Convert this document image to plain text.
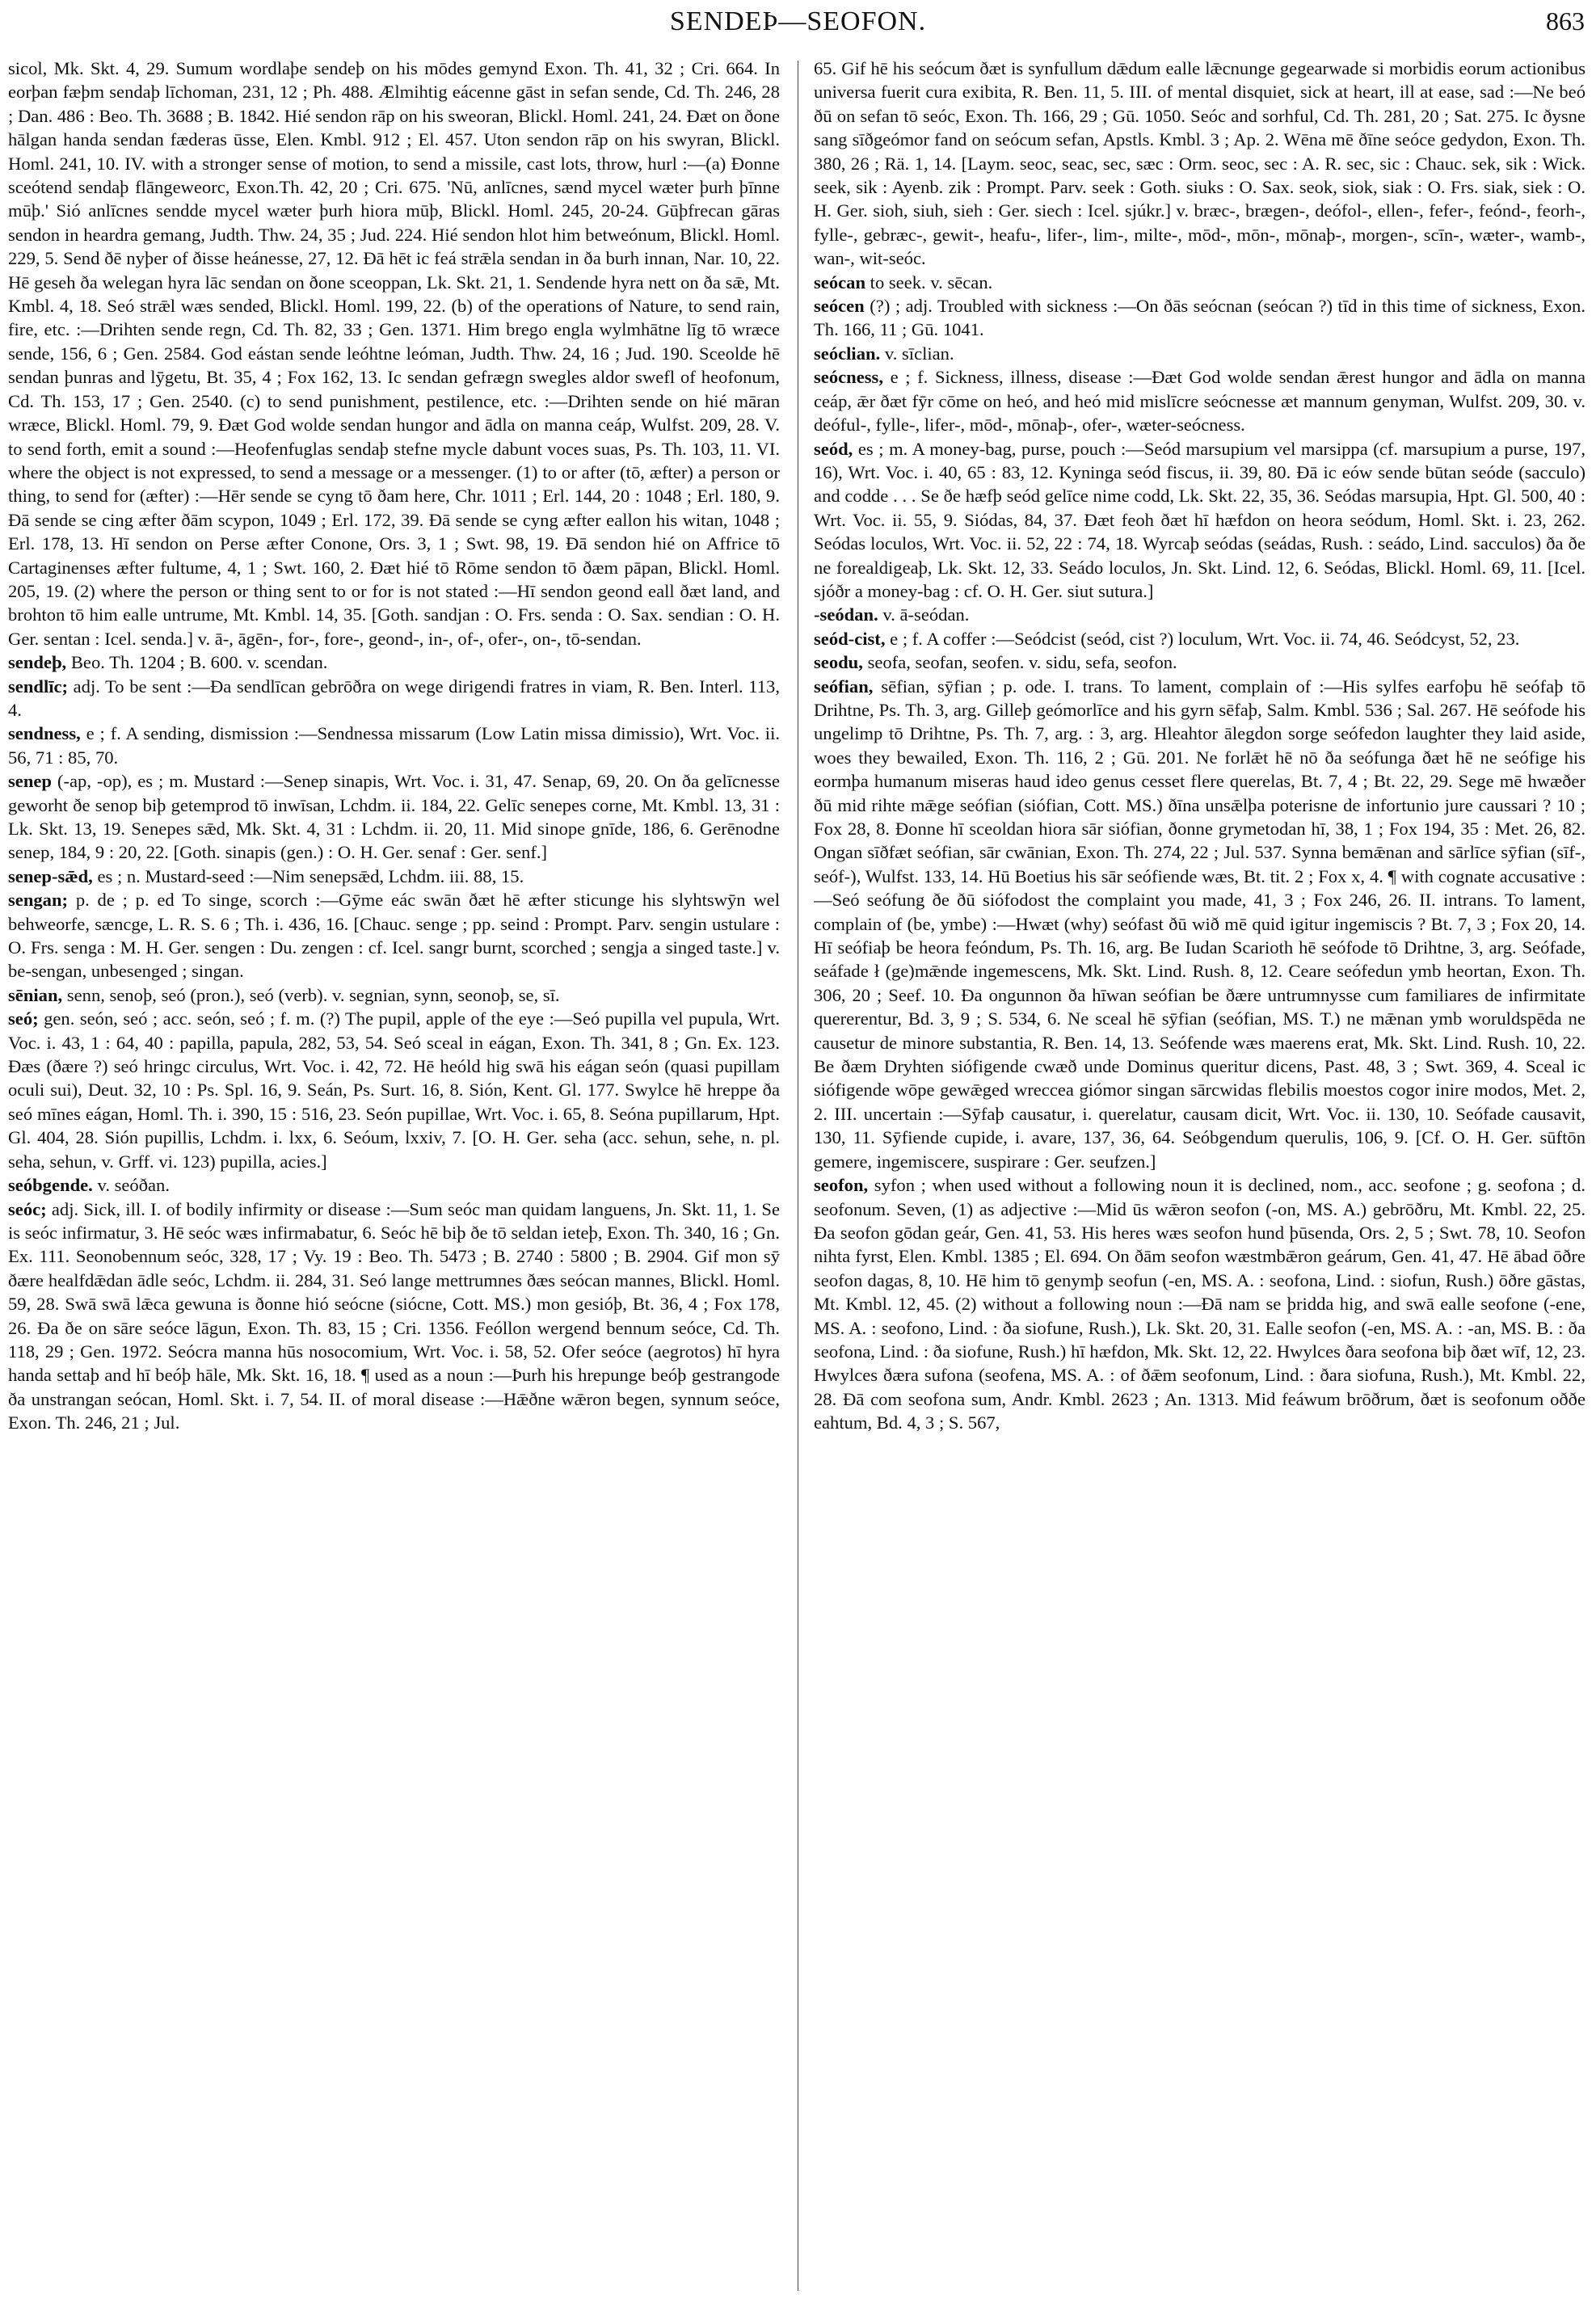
SENDEÞ—SEOFON.	863

sicol, Mk. Skt. 4, 29. Sumum wordlaþe sendeþ on his mōdes gemynd Exon. Th. 41, 32 ; Cri. 664. In eorþan fæþm sendaþ līchoman, 231, 12 ; Ph. 488. Ælmihtig eácenne gāst in sefan sende, Cd. Th. 246, 28 ; Dan. 486 : Beo. Th. 3688 ; B. 1842. Hié sendon rāp on his sweoran, Blickl. Homl. 241, 24. Ðæt on ðone hālgan handa sendan fæderas ūsse, Elen. Kmbl. 912 ; El. 457. Uton sendon rāp on his swyran, Blickl. Homl. 241, 10. IV. with a stronger sense of motion, to send a missile, cast lots, throw, hurl :—(a) Ðonne sceótend sendaþ flāngeweorc, Exon.Th. 42, 20 ; Cri. 675. 'Nū, anlīcnes, sænd mycel wæter þurh þīnne mūþ.' Sió anlīcnes sendde mycel wæter þurh hiora mūþ, Blickl. Homl. 245, 20-24. Gūþfrecan gāras sendon in heardra gemang, Judth. Thw. 24, 35 ; Jud. 224. Hié sendon hlot him betweónum, Blickl. Homl. 229, 5. Send ðē nyþer of ðisse heánesse, 27, 12. Ðā hēt ic feá strǣla sendan in ða burh innan, Nar. 10, 22. Hē geseh ða welegan hyra lāc sendan on ðone sceoppan, Lk. Skt. 21, 1. Sendende hyra nett on ða sǣ, Mt. Kmbl. 4, 18. Seó strǣl wæs sended, Blickl. Homl. 199, 22. (b) of the operations of Nature, to send rain, fire, etc. :—Drihten sende regn, Cd. Th. 82, 33 ; Gen. 1371. Him brego engla wylmhātne līg tō wræce sende, 156, 6 ; Gen. 2584. God eástan sende leóhtne leóman, Judth. Thw. 24, 16 ; Jud. 190. Sceolde hē sendan þunras and lȳgetu, Bt. 35, 4 ; Fox 162, 13. Ic sendan gefrægn swegles aldor swefl of heofonum, Cd. Th. 153, 17 ; Gen. 2540. (c) to send punishment, pestilence, etc. :—Drihten sende on hié māran wræce, Blickl. Homl. 79, 9. Ðæt God wolde sendan hungor and ādla on manna ceáp, Wulfst. 209, 28. V. to send forth, emit a sound :—Heofenfuglas sendaþ stefne mycle dabunt voces suas, Ps. Th. 103, 11. VI. where the object is not expressed, to send a message or a messenger. (1) to or after (tō, æfter) a person or thing, to send for (æfter) :—Hēr sende se cyng tō ðam here, Chr. 1011 ; Erl. 144, 20 : 1048 ; Erl. 180, 9. Ðā sende se cing æfter ðām scypon, 1049 ; Erl. 172, 39. Ðā sende se cyng æfter eallon his witan, 1048 ; Erl. 178, 13. Hī sendon on Perse æfter Conone, Ors. 3, 1 ; Swt. 98, 19. Ðā sendon hié on Affrice tō Cartaginenses æfter fultume, 4, 1 ; Swt. 160, 2. Ðæt hié tō Rōme sendon tō ðæm pāpan, Blickl. Homl. 205, 19. (2) where the person or thing sent to or for is not stated :—Hī sendon geond eall ðæt land, and brohton tō him ealle untrume, Mt. Kmbl. 14, 35. [Goth. sandjan : O. Frs. senda : O. Sax. sendian : O. H. Ger. sentan : Icel. senda.] v. ā-, āgēn-, for-, fore-, geond-, in-, of-, ofer-, on-, tō-sendan.

sendeþ, Beo. Th. 1204 ; B. 600. v. scendan.

sendlīc; adj. To be sent :—Ða sendlīcan gebrōðra on wege dirigendi fratres in viam, R. Ben. Interl. 113, 4.

sendness, e ; f. A sending, dismission :—Sendnessa missarum (Low Latin missa dimissio), Wrt. Voc. ii. 56, 71 : 85, 70.

senep (-ap, -op), es ; m. Mustard :—Senep sinapis, Wrt. Voc. i. 31, 47. Senap, 69, 20. On ða gelīcnesse geworht ðe senop biþ getemprod tō inwīsan, Lchdm. ii. 184, 22. Gelīc senepes corne, Mt. Kmbl. 13, 31 : Lk. Skt. 13, 19. Senepes sǣd, Mk. Skt. 4, 31 : Lchdm. ii. 20, 11. Mid sinope gnīde, 186, 6. Gerēnodne senep, 184, 9 : 20, 22. [Goth. sinapis (gen.) : O. H. Ger. senaf : Ger. senf.]

senep-sǣd, es ; n. Mustard-seed :—Nim senepsǣd, Lchdm. iii. 88, 15.

sengan; p. de ; p. ed To singe, scorch :—Gȳme eác swān ðæt hē æfter sticunge his slyhtswȳn wel behweorfe, sæncge, L. R. S. 6 ; Th. i. 436, 16. [Chauc. senge ; pp. seind : Prompt. Parv. sengin ustulare : O. Frs. senga : M. H. Ger. sengen : Du. zengen : cf. Icel. sangr burnt, scorched ; sengja a singed taste.] v. be-sengan, unbesenged ; singan.

sēnian, senn, senoþ, seó (pron.), seó (verb). v. segnian, synn, seonoþ, se, sī.

seó; gen. seón, seó ; acc. seón, seó ; f. m. (?) The pupil, apple of the eye :—Seó pupilla vel pupula, Wrt. Voc. i. 43, 1 : 64, 40 : papilla, papula, 282, 53, 54. Seó sceal in eágan, Exon. Th. 341, 8 ; Gn. Ex. 123. Ðæs (ðære ?) seó hringc circulus, Wrt. Voc. i. 42, 72. Hē heóld hig swā his eágan seón (quasi pupillam oculi sui), Deut. 32, 10 : Ps. Spl. 16, 9. Seán, Ps. Surt. 16, 8. Sión, Kent. Gl. 177. Swylce hē hreppe ða seó mīnes eágan, Homl. Th. i. 390, 15 : 516, 23. Seón pupillae, Wrt. Voc. i. 65, 8. Seóna pupillarum, Hpt. Gl. 404, 28. Sión pupillis, Lchdm. i. lxx, 6. Seóum, lxxiv, 7. [O. H. Ger. seha (acc. sehun, sehe, n. pl. seha, sehun, v. Grff. vi. 123) pupilla, acies.]

seóbgende. v. seóðan.

seóc; adj. Sick, ill. I. of bodily infirmity or disease :—Sum seóc man quidam languens, Jn. Skt. 11, 1. Se is seóc infirmatur, 3. Hē seóc wæs infirmabatur, 6. Seóc hē biþ ðe tō seldan ieteþ, Exon. Th. 340, 16 ; Gn. Ex. 111. Seonobennum seóc, 328, 17 ; Vy. 19 : Beo. Th. 5473 ; B. 2740 : 5800 ; B. 2904. Gif mon sȳ ðære healfdǣdan ādle seóc, Lchdm. ii. 284, 31. Seó lange mettrumnes ðæs seócan mannes, Blickl. Homl. 59, 28. Swā swā lǣca gewuna is ðonne hió seócne (siócne, Cott. MS.) mon gesióþ, Bt. 36, 4 ; Fox 178, 26. Ða ðe on sāre seóce lāgun, Exon. Th. 83, 15 ; Cri. 1356. Feóllon wergend bennum seóce, Cd. Th. 118, 29 ; Gen. 1972. Seócra manna hūs nosocomium, Wrt. Voc. i. 58, 52. Ofer seóce (aegrotos) hī hyra handa settaþ and hī beóþ hāle, Mk. Skt. 16, 18. ¶ used as a noun :—Þurh his hrepunge beóþ gestrangode ða unstrangan seócan, Homl. Skt. i. 7, 54. II. of moral disease :—Hǣðne wǣron begen, synnum seóce, Exon. Th. 246, 21 ; Jul.

65. Gif hē his seócum ðæt is synfullum dǣdum ealle lǣcnunge gegearwade si morbidis eorum actionibus universa fuerit cura exibita, R. Ben. 11, 5. III. of mental disquiet, sick at heart, ill at ease, sad :—Ne beó ðū on sefan tō seóc, Exon. Th. 166, 29 ; Gū. 1050. Seóc and sorhful, Cd. Th. 281, 20 ; Sat. 275. Ic ðysne sang sīðgeómor fand on seócum sefan, Apstls. Kmbl. 3 ; Ap. 2. Wēna mē ðīne seóce gedydon, Exon. Th. 380, 26 ; Rä. 1, 14. [Laym. seoc, seac, sec, sæc : Orm. seoc, sec : A. R. sec, sic : Chauc. sek, sik : Wick. seek, sik : Ayenb. zik : Prompt. Parv. seek : Goth. siuks : O. Sax. seok, siok, siak : O. Frs. siak, siek : O. H. Ger. sioh, siuh, sieh : Ger. siech : Icel. sjúkr.] v. bræc-, brægen-, deófol-, ellen-, fefer-, feónd-, feorh-, fylle-, gebræc-, gewit-, heafu-, lifer-, lim-, milte-, mōd-, mōn-, mōnaþ-, morgen-, scīn-, wæter-, wamb-, wan-, wit-seóc.

seócan to seek. v. sēcan.

seócen (?) ; adj. Troubled with sickness :—On ðās seócnan (seócan ?) tīd in this time of sickness, Exon. Th. 166, 11 ; Gū. 1041.

seóclian. v. sīclian.

seócness, e ; f. Sickness, illness, disease :—Ðæt God wolde sendan ǣrest hungor and ādla on manna ceáp, ǣr ðæt fȳr cōme on heó, and heó mid mislīcre seócnesse æt mannum genyman, Wulfst. 209, 30. v. deóful-, fylle-, lifer-, mōd-, mōnaþ-, ofer-, wæter-seócness.

seód, es ; m. A money-bag, purse, pouch :—Seód marsupium vel marsippa (cf. marsupium a purse, 197, 16), Wrt. Voc. i. 40, 65 : 83, 12. Kyninga seód fiscus, ii. 39, 80. Ðā ic eów sende būtan seóde (sacculo) and codde . . . Se ðe hæfþ seód gelīce nime codd, Lk. Skt. 22, 35, 36. Seódas marsupia, Hpt. Gl. 500, 40 : Wrt. Voc. ii. 55, 9. Siódas, 84, 37. Ðæt feoh ðæt hī hæfdon on heora seódum, Homl. Skt. i. 23, 262. Seódas loculos, Wrt. Voc. ii. 52, 22 : 74, 18. Wyrcaþ seódas (seádas, Rush. : seádo, Lind. sacculos) ða ðe ne forealdigeaþ, Lk. Skt. 12, 33. Seádo loculos, Jn. Skt. Lind. 12, 6. Seódas, Blickl. Homl. 69, 11. [Icel. sjóðr a money-bag : cf. O. H. Ger. siut sutura.]

-seódan. v. ā-seódan.

seód-cist, e ; f. A coffer :—Seódcist (seód, cist ?) loculum, Wrt. Voc. ii. 74, 46. Seódcyst, 52, 23.

seodu, seofa, seofan, seofen. v. sidu, sefa, seofon.

seófian, sēfian, sȳfian ; p. ode. I. trans. To lament, complain of :—His sylfes earfoþu hē seófaþ tō Drihtne, Ps. Th. 3, arg. Gilleþ geómorlīce and his gyrn sēfaþ, Salm. Kmbl. 536 ; Sal. 267. Hē seófode his ungelimp tō Drihtne, Ps. Th. 7, arg. : 3, arg. Hleahtor ālegdon sorge seófedon laughter they laid aside, woes they bewailed, Exon. Th. 116, 2 ; Gū. 201. Ne forlǣt hē nō ða seófunga ðæt hē ne seófige his eormþa humanum miseras haud ideo genus cesset flere querelas, Bt. 7, 4 ; Bt. 22, 29. Sege mē hwæðer ðū mid rihte mǣge seófian (siófian, Cott. MS.) ðīna unsǣlþa poterisne de infortunio jure caussari ? 10 ; Fox 28, 8. Ðonne hī sceoldan hiora sār siófian, ðonne grymetodan hī, 38, 1 ; Fox 194, 35 : Met. 26, 82. Ongan sīðfæt seófian, sār cwānian, Exon. Th. 274, 22 ; Jul. 537. Synna bemǣnan and sārlīce sȳfian (sīf-, seóf-), Wulfst. 133, 14. Hū Boetius his sār seófiende wæs, Bt. tit. 2 ; Fox x, 4. ¶ with cognate accusative :—Seó seófung ðe ðū siófodost the complaint you made, 41, 3 ; Fox 246, 26. II. intrans. To lament, complain of (be, ymbe) :—Hwæt (why) seófast ðū wið mē quid igitur ingemiscis ? Bt. 7, 3 ; Fox 20, 14. Hī seófiaþ be heora feóndum, Ps. Th. 16, arg. Be Iudan Scarioth hē seófode tō Drihtne, 3, arg. Seófade, seáfade ł (ge)mǣnde ingemescens, Mk. Skt. Lind. Rush. 8, 12. Ceare seófedun ymb heortan, Exon. Th. 306, 20 ; Seef. 10. Ða ongunnon ða hīwan seófian be ðære untrumnysse cum familiares de infirmitate quererentur, Bd. 3, 9 ; S. 534, 6. Ne sceal hē sȳfian (seófian, MS. T.) ne mǣnan ymb woruldspēda ne causetur de minore substantia, R. Ben. 14, 13. Seófende wæs maerens erat, Mk. Skt. Lind. Rush. 10, 22. Be ðæm Dryhten siófigende cwæð unde Dominus queritur dicens, Past. 48, 3 ; Swt. 369, 4. Sceal ic siófigende wōpe gewǣged wreccea giómor singan sārcwidas flebilis moestos cogor inire modos, Met. 2, 2. III. uncertain :—Sȳfaþ causatur, i. querelatur, causam dicit, Wrt. Voc. ii. 130, 10. Seófade causavit, 130, 11. Sȳfiende cupide, i. avare, 137, 36, 64. Seóbgendum querulis, 106, 9. [Cf. O. H. Ger. sūftōn gemere, ingemiscere, suspirare : Ger. seufzen.]

seofon, syfon ; when used without a following noun it is declined, nom., acc. seofone ; g. seofona ; d. seofonum. Seven, (1) as adjective :—Mid ūs wǣron seofon (-on, MS. A.) gebrōðru, Mt. Kmbl. 22, 25. Ða seofon gōdan geár, Gen. 41, 53. His heres wæs seofon hund þūsenda, Ors. 2, 5 ; Swt. 78, 10. Seofon nihta fyrst, Elen. Kmbl. 1385 ; El. 694. On ðām seofon wæstmbǣron geárum, Gen. 41, 47. Hē ābad ōðre seofon dagas, 8, 10. Hē him tō genymþ seofun (-en, MS. A. : seofona, Lind. : siofun, Rush.) ōðre gāstas, Mt. Kmbl. 12, 45. (2) without a following noun :—Ðā nam se þridda hig, and swā ealle seofone (-ene, MS. A. : seofono, Lind. : ða siofune, Rush.), Lk. Skt. 20, 31. Ealle seofon (-en, MS. A. : -an, MS. B. : ða seofona, Lind. : ða siofune, Rush.) hī hæfdon, Mk. Skt. 12, 22. Hwylces ðara seofona biþ ðæt wīf, 12, 23. Hwylces ðæra sufona (seofena, MS. A. : of ðǣm seofonum, Lind. : ðara siofuna, Rush.), Mt. Kmbl. 22, 28. Ðā com seofona sum, Andr. Kmbl. 2623 ; An. 1313. Mid feáwum brōðrum, ðæt is seofonum oððe eahtum, Bd. 4, 3 ; S. 567,
